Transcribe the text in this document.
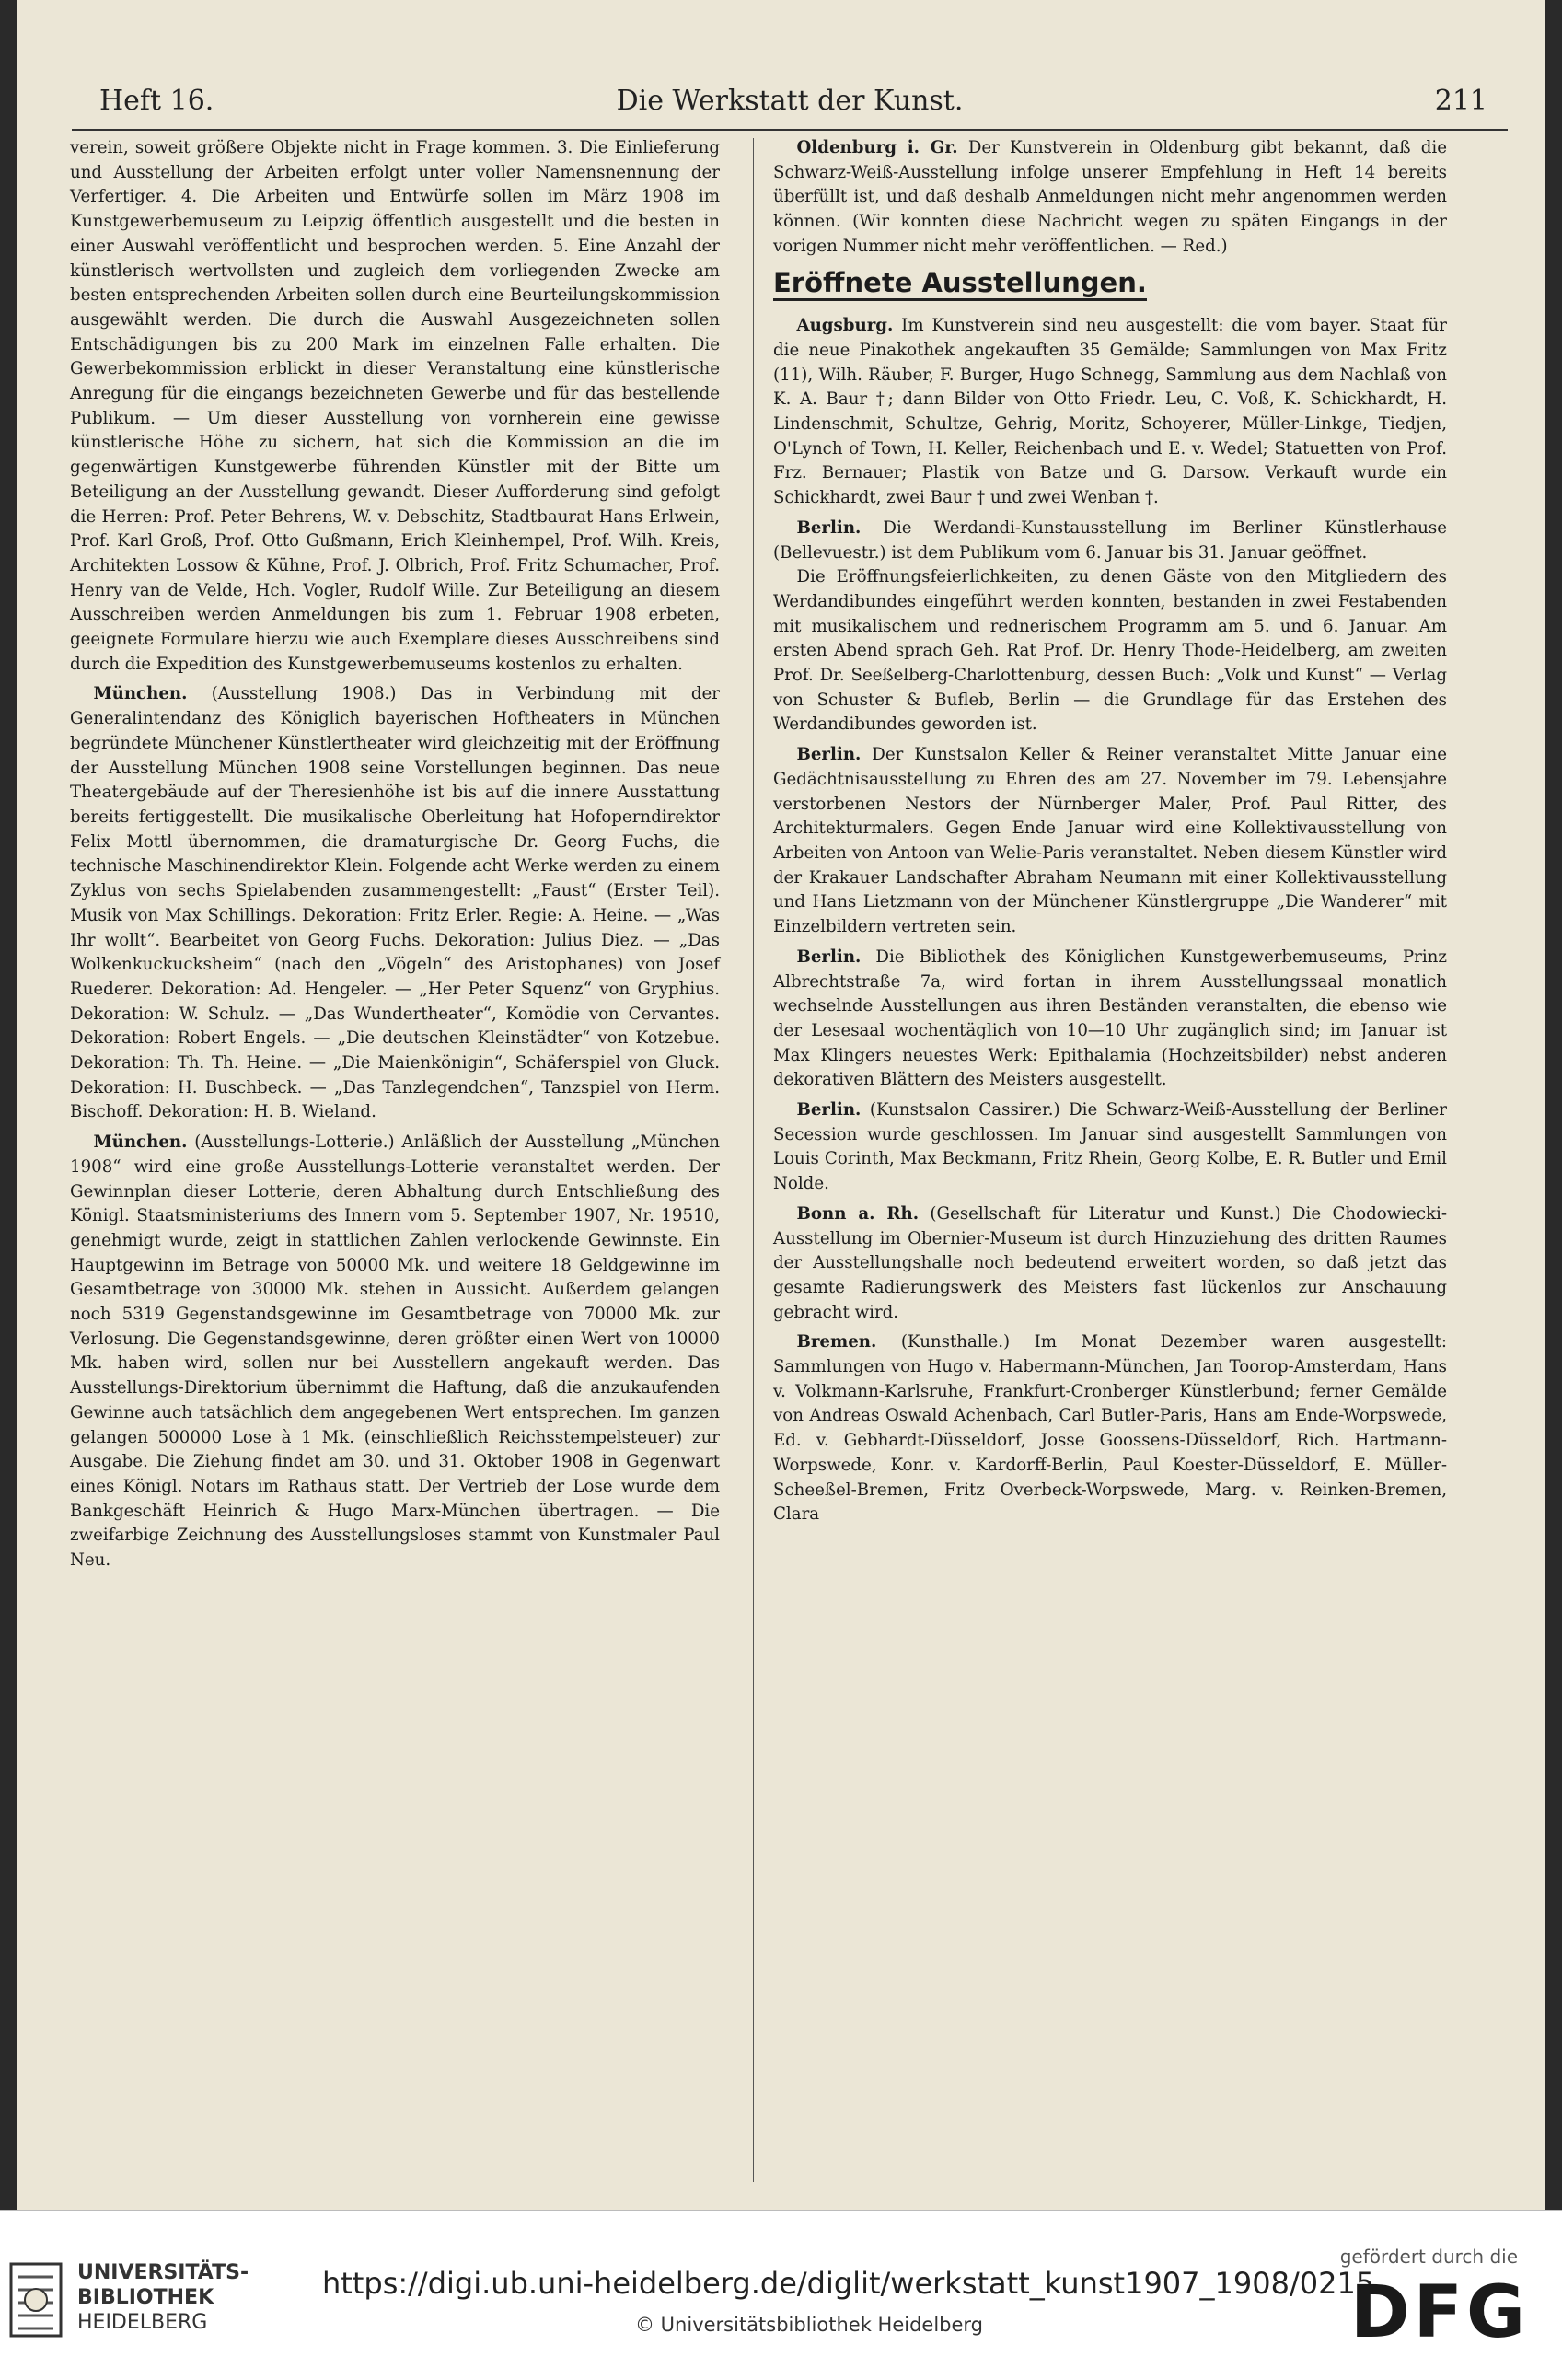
Heft 16.	Die Werkstatt der Kunst.	211

verein, soweit größere Objekte nicht in Frage kommen. 3. Die Einlieferung und Ausstellung der Arbeiten erfolgt unter voller Namensnennung der Verfertiger. 4. Die Arbeiten und Entwürfe sollen im März 1908 im Kunstgewerbemuseum zu Leipzig öffentlich ausgestellt und die besten in einer Auswahl veröffentlicht und besprochen werden. 5. Eine Anzahl der künstlerisch wertvollsten und zugleich dem vorliegenden Zwecke am besten entsprechenden Arbeiten sollen durch eine Beurteilungskommission ausgewählt werden. Die durch die Auswahl Ausgezeichneten sollen Entschädigungen bis zu 200 Mark im einzelnen Falle erhalten. Die Gewerbekommission erblickt in dieser Veranstaltung eine künstlerische Anregung für die eingangs bezeichneten Gewerbe und für das bestellende Publikum. — Um dieser Ausstellung von vornherein eine gewisse künstlerische Höhe zu sichern, hat sich die Kommission an die im gegenwärtigen Kunstgewerbe führenden Künstler mit der Bitte um Beteiligung an der Ausstellung gewandt. Dieser Aufforderung sind gefolgt die Herren: Prof. Peter Behrens, W. v. Debschitz, Stadtbaurat Hans Erlwein, Prof. Karl Groß, Prof. Otto Gußmann, Erich Kleinhempel, Prof. Wilh. Kreis, Architekten Lossow & Kühne, Prof. J. Olbrich, Prof. Fritz Schumacher, Prof. Henry van de Velde, Hch. Vogler, Rudolf Wille. Zur Beteiligung an diesem Ausschreiben werden Anmeldungen bis zum 1. Februar 1908 erbeten, geeignete Formulare hierzu wie auch Exemplare dieses Ausschreibens sind durch die Expedition des Kunstgewerbemuseums kostenlos zu erhalten.

München. (Ausstellung 1908.) Das in Verbindung mit der Generalintendanz des Königlich bayerischen Hoftheaters in München begründete Münchener Künstlertheater wird gleichzeitig mit der Eröffnung der Ausstellung München 1908 seine Vorstellungen beginnen. Das neue Theatergebäude auf der Theresienhöhe ist bis auf die innere Ausstattung bereits fertiggestellt. Die musikalische Oberleitung hat Hofoperndirektor Felix Mottl übernommen, die dramaturgische Dr. Georg Fuchs, die technische Maschinendirektor Klein. Folgende acht Werke werden zu einem Zyklus von sechs Spielabenden zusammengestellt: „Faust“ (Erster Teil). Musik von Max Schillings. Dekoration: Fritz Erler. Regie: A. Heine. — „Was Ihr wollt“. Bearbeitet von Georg Fuchs. Dekoration: Julius Diez. — „Das Wolkenkuckucksheim“ (nach den „Vögeln“ des Aristophanes) von Josef Ruederer. Dekoration: Ad. Hengeler. — „Her Peter Squenz“ von Gryphius. Dekoration: W. Schulz. — „Das Wundertheater“, Komödie von Cervantes. Dekoration: Robert Engels. — „Die deutschen Kleinstädter“ von Kotzebue. Dekoration: Th. Th. Heine. — „Die Maienkönigin“, Schäferspiel von Gluck. Dekoration: H. Buschbeck. — „Das Tanzlegendchen“, Tanzspiel von Herm. Bischoff. Dekoration: H. B. Wieland.

München. (Ausstellungs-Lotterie.) Anläßlich der Ausstellung „München 1908“ wird eine große Ausstellungs-Lotterie veranstaltet werden. Der Gewinnplan dieser Lotterie, deren Abhaltung durch Entschließung des Königl. Staatsministeriums des Innern vom 5. September 1907, Nr. 19510, genehmigt wurde, zeigt in stattlichen Zahlen verlockende Gewinnste. Ein Hauptgewinn im Betrage von 50000 Mk. und weitere 18 Geldgewinne im Gesamtbetrage von 30000 Mk. stehen in Aussicht. Außerdem gelangen noch 5319 Gegenstandsgewinne im Gesamtbetrage von 70000 Mk. zur Verlosung. Die Gegenstandsgewinne, deren größter einen Wert von 10000 Mk. haben wird, sollen nur bei Ausstellern angekauft werden. Das Ausstellungs-Direktorium übernimmt die Haftung, daß die anzukaufenden Gewinne auch tatsächlich dem angegebenen Wert entsprechen. Im ganzen gelangen 500000 Lose à 1 Mk. (einschließlich Reichsstempelsteuer) zur Ausgabe. Die Ziehung findet am 30. und 31. Oktober 1908 in Gegenwart eines Königl. Notars im Rathaus statt. Der Vertrieb der Lose wurde dem Bankgeschäft Heinrich & Hugo Marx-München übertragen. — Die zweifarbige Zeichnung des Ausstellungsloses stammt von Kunstmaler Paul Neu.

Oldenburg i. Gr. Der Kunstverein in Oldenburg gibt bekannt, daß die Schwarz-Weiß-Ausstellung infolge unserer Empfehlung in Heft 14 bereits überfüllt ist, und daß deshalb Anmeldungen nicht mehr angenommen werden können. (Wir konnten diese Nachricht wegen zu späten Eingangs in der vorigen Nummer nicht mehr veröffentlichen. — Red.)

Eröffnete Ausstellungen.

Augsburg. Im Kunstverein sind neu ausgestellt: die vom bayer. Staat für die neue Pinakothek angekauften 35 Gemälde; Sammlungen von Max Fritz (11), Wilh. Räuber, F. Burger, Hugo Schnegg, Sammlung aus dem Nachlaß von K. A. Baur †; dann Bilder von Otto Friedr. Leu, C. Voß, K. Schickhardt, H. Lindenschmit, Schultze, Gehrig, Moritz, Schoyerer, Müller-Linkge, Tiedjen, O'Lynch of Town, H. Keller, Reichenbach und E. v. Wedel; Statuetten von Prof. Frz. Bernauer; Plastik von Batze und G. Darsow. Verkauft wurde ein Schickhardt, zwei Baur † und zwei Wenban †.

Berlin. Die Werdandi-Kunstausstellung im Berliner Künstlerhause (Bellevuestr.) ist dem Publikum vom 6. Januar bis 31. Januar geöffnet.

Die Eröffnungsfeierlichkeiten, zu denen Gäste von den Mitgliedern des Werdandibundes eingeführt werden konnten, bestanden in zwei Festabenden mit musikalischem und rednerischem Programm am 5. und 6. Januar. Am ersten Abend sprach Geh. Rat Prof. Dr. Henry Thode-Heidelberg, am zweiten Prof. Dr. Seeßelberg-Charlottenburg, dessen Buch: „Volk und Kunst“ — Verlag von Schuster & Bufleb, Berlin — die Grundlage für das Erstehen des Werdandibundes geworden ist.

Berlin. Der Kunstsalon Keller & Reiner veranstaltet Mitte Januar eine Gedächtnisausstellung zu Ehren des am 27. November im 79. Lebensjahre verstorbenen Nestors der Nürnberger Maler, Prof. Paul Ritter, des Architekturmalers. Gegen Ende Januar wird eine Kollektivausstellung von Arbeiten von Antoon van Welie-Paris veranstaltet. Neben diesem Künstler wird der Krakauer Landschafter Abraham Neumann mit einer Kollektivausstellung und Hans Lietzmann von der Münchener Künstlergruppe „Die Wanderer“ mit Einzelbildern vertreten sein.

Berlin. Die Bibliothek des Königlichen Kunstgewerbemuseums, Prinz Albrechtstraße 7a, wird fortan in ihrem Ausstellungssaal monatlich wechselnde Ausstellungen aus ihren Beständen veranstalten, die ebenso wie der Lesesaal wochentäglich von 10—10 Uhr zugänglich sind; im Januar ist Max Klingers neuestes Werk: Epithalamia (Hochzeitsbilder) nebst anderen dekorativen Blättern des Meisters ausgestellt.

Berlin. (Kunstsalon Cassirer.) Die Schwarz-Weiß-Ausstellung der Berliner Secession wurde geschlossen. Im Januar sind ausgestellt Sammlungen von Louis Corinth, Max Beckmann, Fritz Rhein, Georg Kolbe, E. R. Butler und Emil Nolde.

Bonn a. Rh. (Gesellschaft für Literatur und Kunst.) Die Chodowiecki-Ausstellung im Obernier-Museum ist durch Hinzuziehung des dritten Raumes der Ausstellungshalle noch bedeutend erweitert worden, so daß jetzt das gesamte Radierungswerk des Meisters fast lückenlos zur Anschauung gebracht wird.

Bremen. (Kunsthalle.) Im Monat Dezember waren ausgestellt: Sammlungen von Hugo v. Habermann-München, Jan Toorop-Amsterdam, Hans v. Volkmann-Karlsruhe, Frankfurt-Cronberger Künstlerbund; ferner Gemälde von Andreas Oswald Achenbach, Carl Butler-Paris, Hans am Ende-Worpswede, Ed. v. Gebhardt-Düsseldorf, Josse Goossens-Düsseldorf, Rich. Hartmann-Worpswede, Konr. v. Kardorff-Berlin, Paul Koester-Düsseldorf, E. Müller-Scheeßel-Bremen, Fritz Overbeck-Worpswede, Marg. v. Reinken-Bremen, Clara

UNIVERSITÄTS-
BIBLIOTHEK
HEIDELBERG
https://digi.ub.uni-heidelberg.de/diglit/werkstatt_kunst1907_1908/0215
© Universitätsbibliothek Heidelberg
gefördert durch die
DFG
